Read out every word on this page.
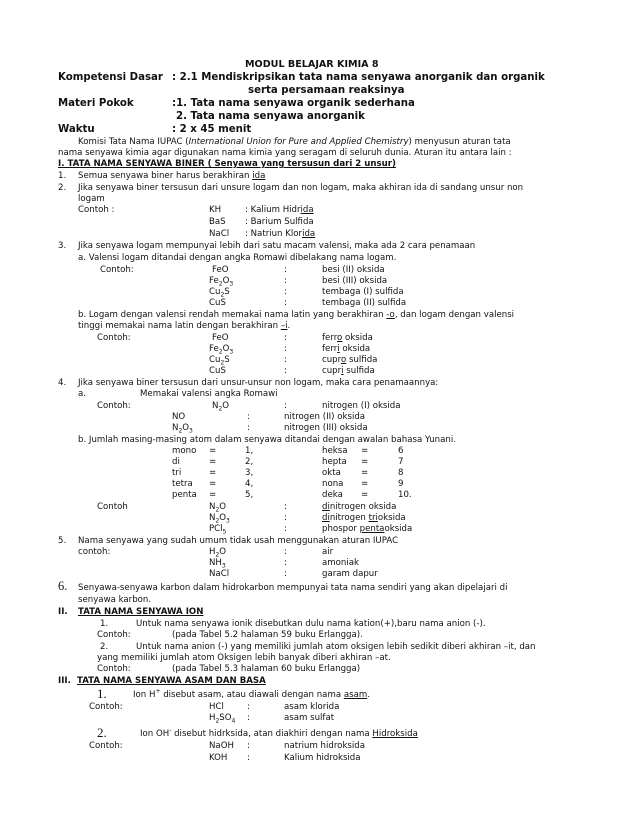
MODUL BELAJAR KIMIA 8
Kompetensi Dasar : 2.1 Mendiskripsikan tata nama senyawa anorganik dan organik
serta persamaan reaksinya
Materi Pokok	:1. Tata nama senyawa organik sederhana
2. Tata nama senyawa anorganik
Waktu	: 2 x 45 menit
Komisi Tata Nama IUPAC (International Union for Pure and Applied Chemistry) menyusun aturan tata
nama senyawa kimia agar digunakan nama kimia yang seragam di seluruh dunia. Aturan itu antara lain :
I. TATA NAMA SENYAWA BINER ( Senyawa yang tersusun dari 2 unsur)
1. Semua senyawa biner harus berakhiran ida
2. Jika senyawa biner tersusun dari unsure logam dan non logam, maka akhiran ida di sandang unsur non
logam
Contoh :	KH	: Kalium Hidrida
BaS : Barium Sulfida
NaCl : Natriun Klorida
3. Jika senyawa logam mempunyai lebih dari satu macam valensi, maka ada 2 cara penamaan
a. Valensi logam ditandai dengan angka Romawi dibelakang nama logam.
Contoh:	FeO	:	besi (II) oksida
$Fe_2O_3$	:	besi (III) oksida
$Cu_2S$	:	tembaga (I) sulfida
CuS	:	tembaga (II) sulfida
b. Logam dengan valensi rendah memakai nama latin yang berakhiran -o, dan logam dengan valensi
tinggi memakai nama latin dengan berakhiran –i.
Contoh:	FeO	:	ferro oksida
$Fe_2O_3$	:	ferri oksida
$Cu_2S$	:	cupro sulfida
CuS	:	cupri sulfida
4. Jika senyawa biner tersusun dari unsur-unsur non logam, maka cara penamaannya:
a.	Memakai valensi angka Romawi
Contoh:	$N_2O$	:	nitrogen (I) oksida
NO	:	nitrogen (II) oksida
$N_2O_3$	:	nitrogen (III) oksida
b. Jumlah masing-masing atom dalam senyawa ditandai dengan awalan bahasa Yunani.
mono =	1,	heksa =	6
di	=	2,	hepta =	7
tri	=	3,	okta =	8
tetra =	4,	nona =	9
penta =	5,	deka =	10.
Contoh	$N_2O$	:	dinitrogen oksida
$N_2O_3$	:	dinitrogen trioksida
PCl$_5$	:	phospor pentaoksida
5. Nama senyawa yang sudah umum tidak usah menggunakan aturan IUPAC
contoh:	$H_2O$	:	air
$NH_3$	:	amoniak
NaCl	:	garam dapur
6. Senyawa-senyawa karbon dalam hidrokarbon mempunyai tata nama sendiri yang akan dipelajari di
senyawa karbon.
II. TATA NAMA SENYAWA ION
1.	Untuk nama senyawa ionik disebutkan dulu nama kation(+),baru nama anion (-).
Contoh:	(pada Tabel 5.2 halaman 59 buku Erlangga).
2.	Untuk nama anion (-) yang memiliki jumlah atom oksigen lebih sedikit diberi akhiran –it, dan
yang memiliki jumlah atom Oksigen lebih banyak diberi akhiran –at.
Contoh:	(pada Tabel 5.3 halaman 60 buku Erlangga)
III. TATA NAMA SENYAWA ASAM DAN BASA
1.	Ion H+ disebut asam, atau diawali dengan nama asam.
Contoh:	HCl	:	asam klorida
$H_2SO_4$ :	asam sulfat
2.	Ion OH- disebut hidrksida, atan diakhiri dengan nama Hidroksida
Contoh:	NaOH :	natrium hidroksida
KOH :	Kalium hidroksida
